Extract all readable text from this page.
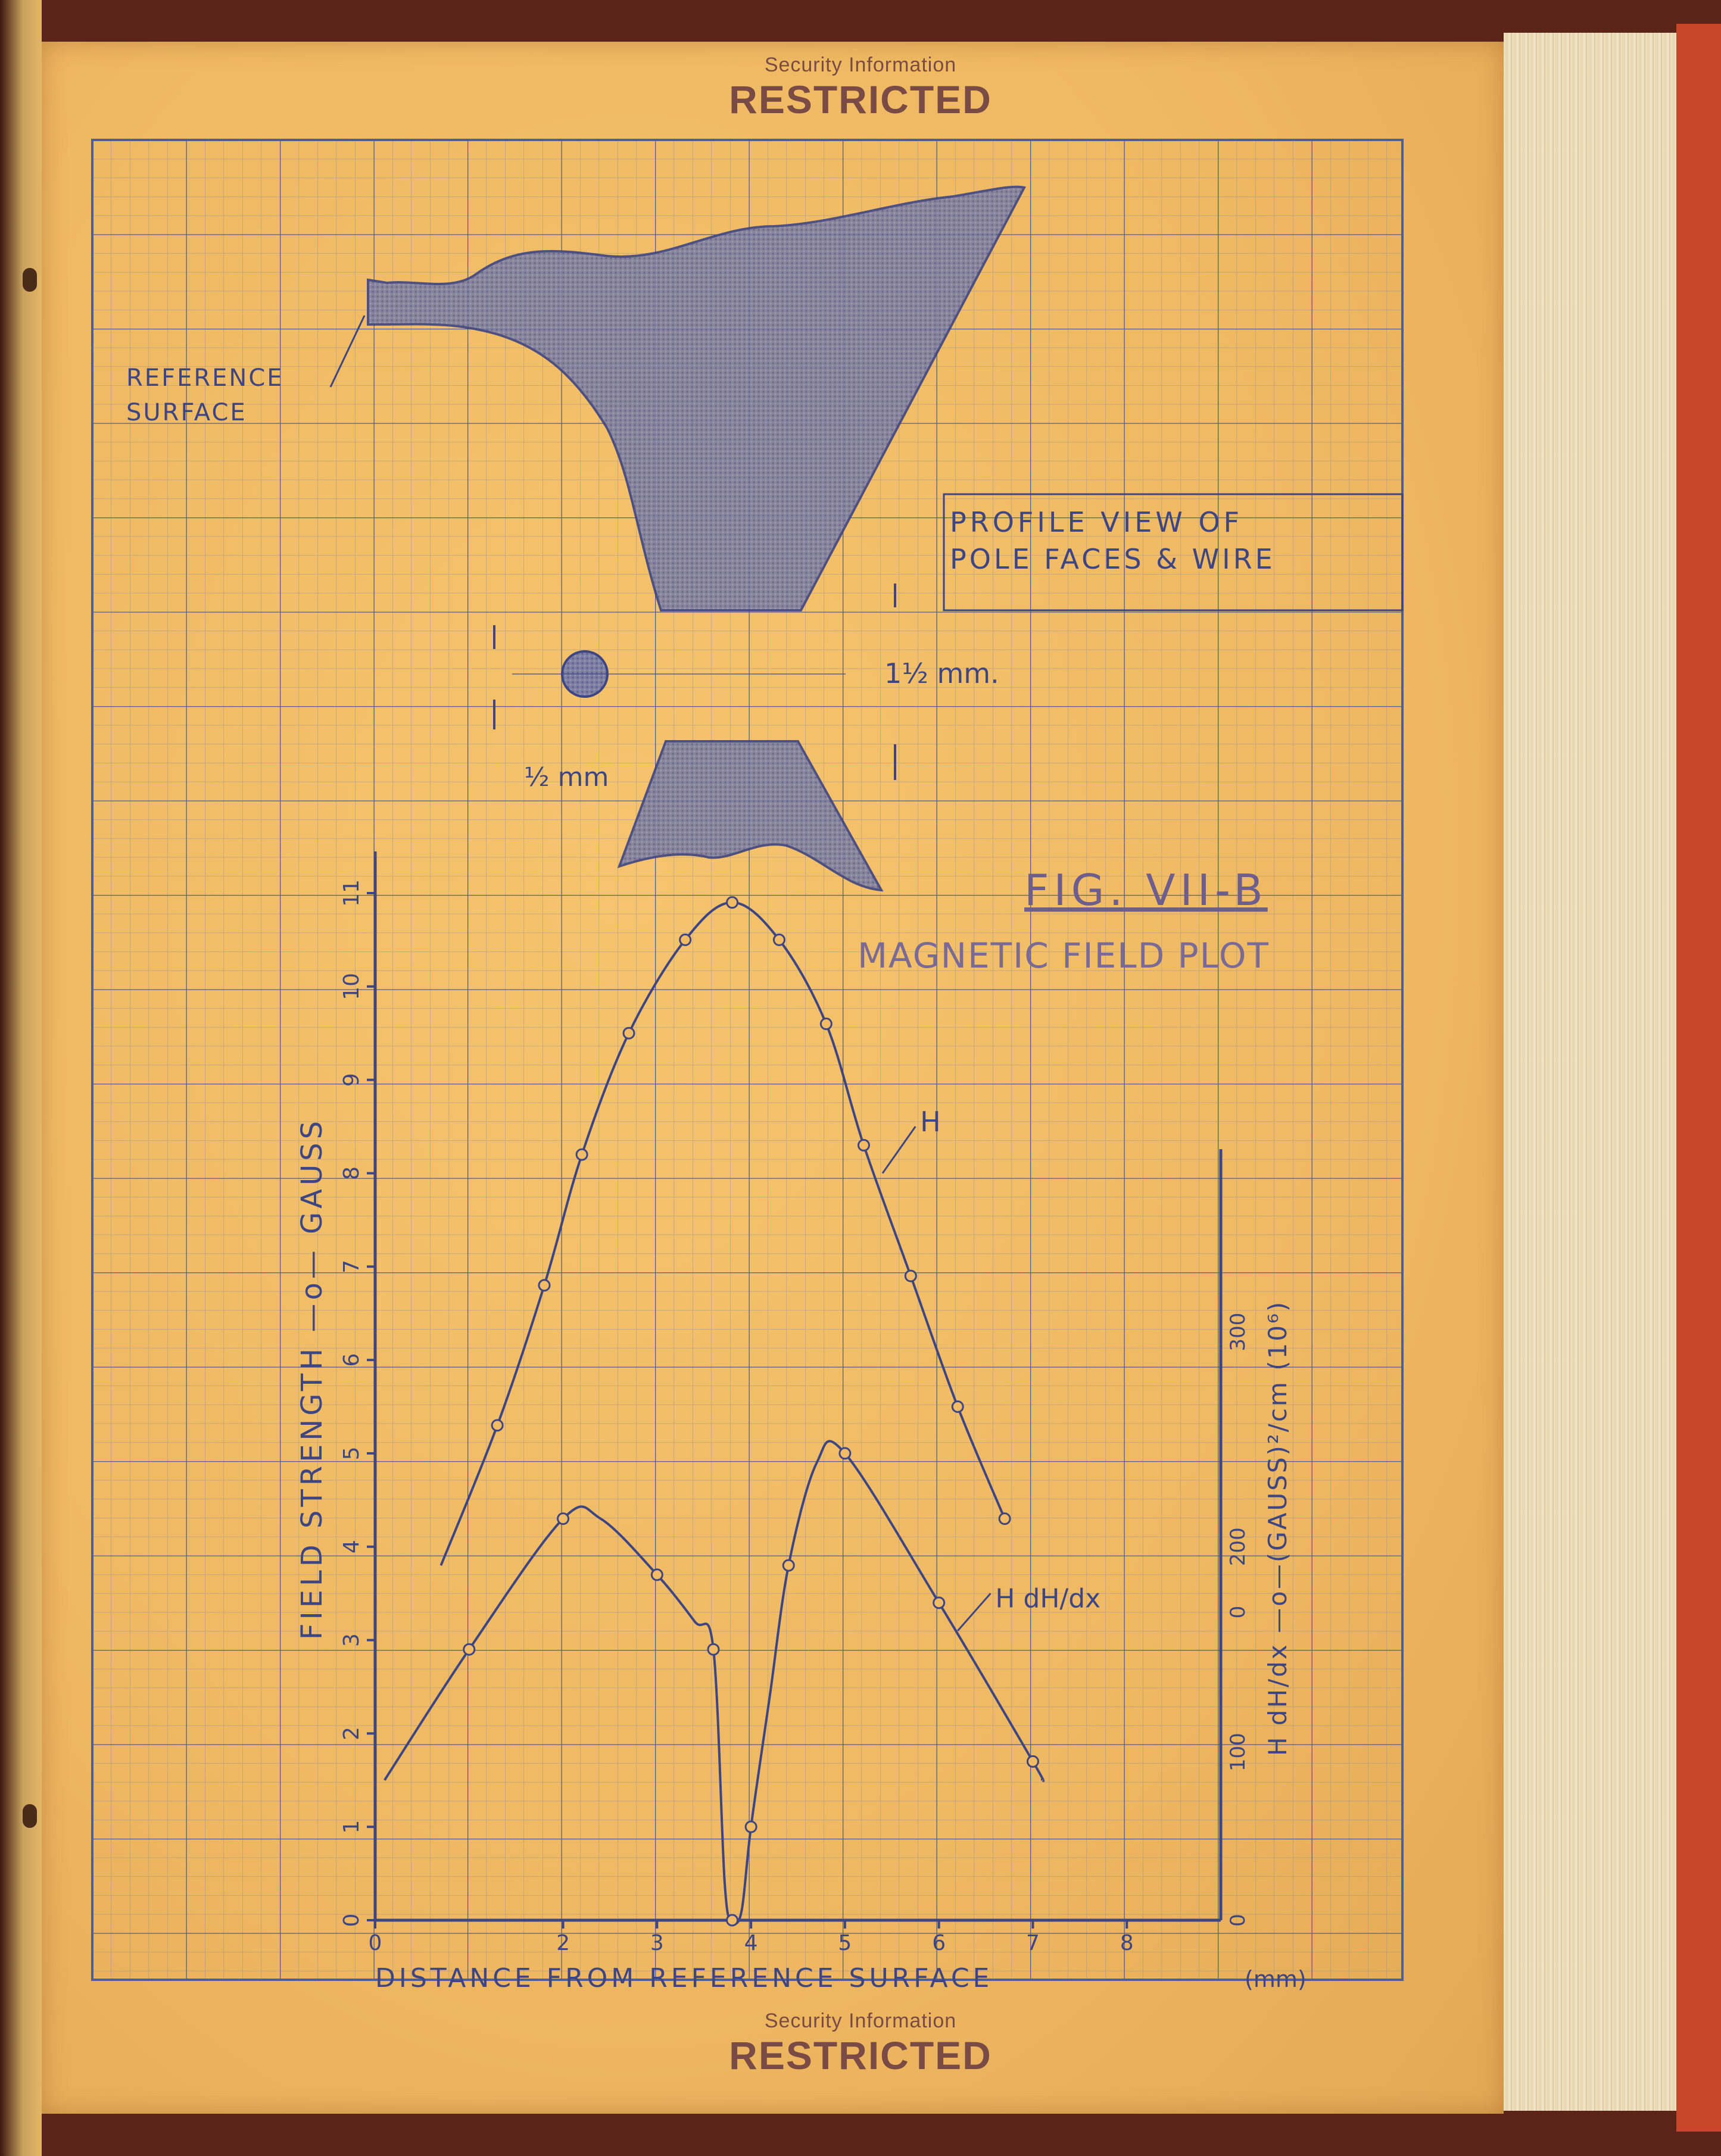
Security Information
RESTRICTED
REFERENCE
SURFACE
PROFILE VIEW OF
POLE FACES & WIRE
1½ mm.
½ mm
FIG. VII-B
MAGNETIC FIELD PLOT
0
1
2
3
4
5
6
7
8
9
10
11
0	2	3	4	5	6	7	8
0
100
0
200
300
DISTANCE FROM REFERENCE SURFACE	(mm)
FIELD STRENGTH —o— GAUSS	H dH/dx —o—(GAUSS)²/cm (10⁶)
H
H dH/dx
Security Information
RESTRICTED
